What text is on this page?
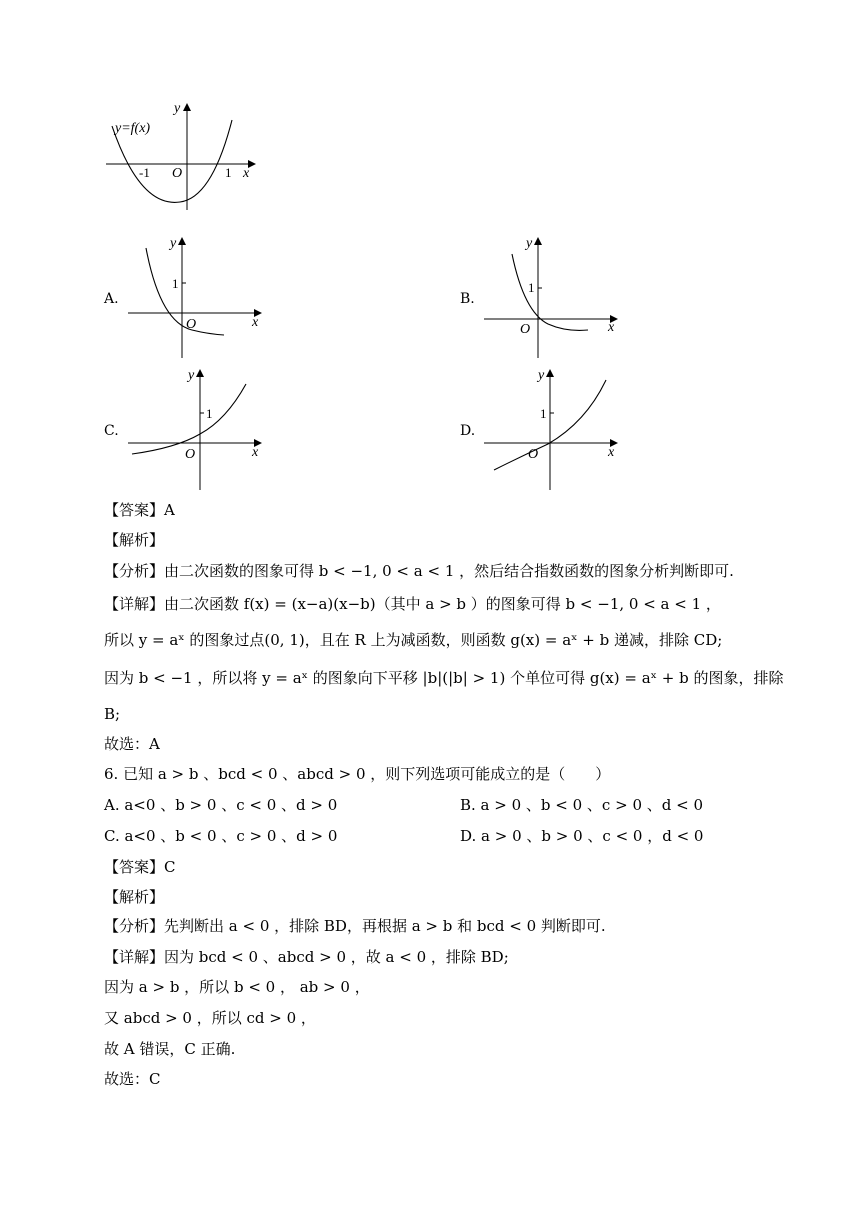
y=f(x)
y
x
O
-1	1
A.
y
1
O	x
B.
y
1
O	x
C.
y
1
O	x
D.
y
1
O	x
【答案】A
【解析】
【分析】由二次函数的图象可得 b < −1, 0 < a < 1 ，然后结合指数函数的图象分析判断即可.
【详解】由二次函数 f(x) = (x−a)(x−b)（其中 a > b ）的图象可得 b < −1, 0 < a < 1 ，
所以 y = aˣ 的图象过点(0, 1)，且在 R 上为减函数，则函数 g(x) = aˣ + b 递减，排除 CD;
因为 b < −1 ，所以将 y = aˣ 的图象向下平移 |b|(|b| > 1) 个单位可得 g(x) = aˣ + b 的图象，排除
B;
故选：A
6. 已知 a > b 、bcd < 0 、abcd > 0 ，则下列选项可能成立的是（　　）
A. a<0 、b > 0 、c < 0 、d > 0	B. a > 0 、b < 0 、c > 0 、d < 0
C. a<0 、b < 0 、c > 0 、d > 0	D. a > 0 、b > 0 、c < 0 ，d < 0
【答案】C
【解析】
【分析】先判断出 a < 0 ，排除 BD，再根据 a > b 和 bcd < 0 判断即可.
【详解】因为 bcd < 0 、abcd > 0 ，故 a < 0 ，排除 BD;
因为 a > b ，所以 b < 0 ， ab > 0 ，
又 abcd > 0 ，所以 cd > 0 ，
故 A 错误，C 正确.
故选：C
